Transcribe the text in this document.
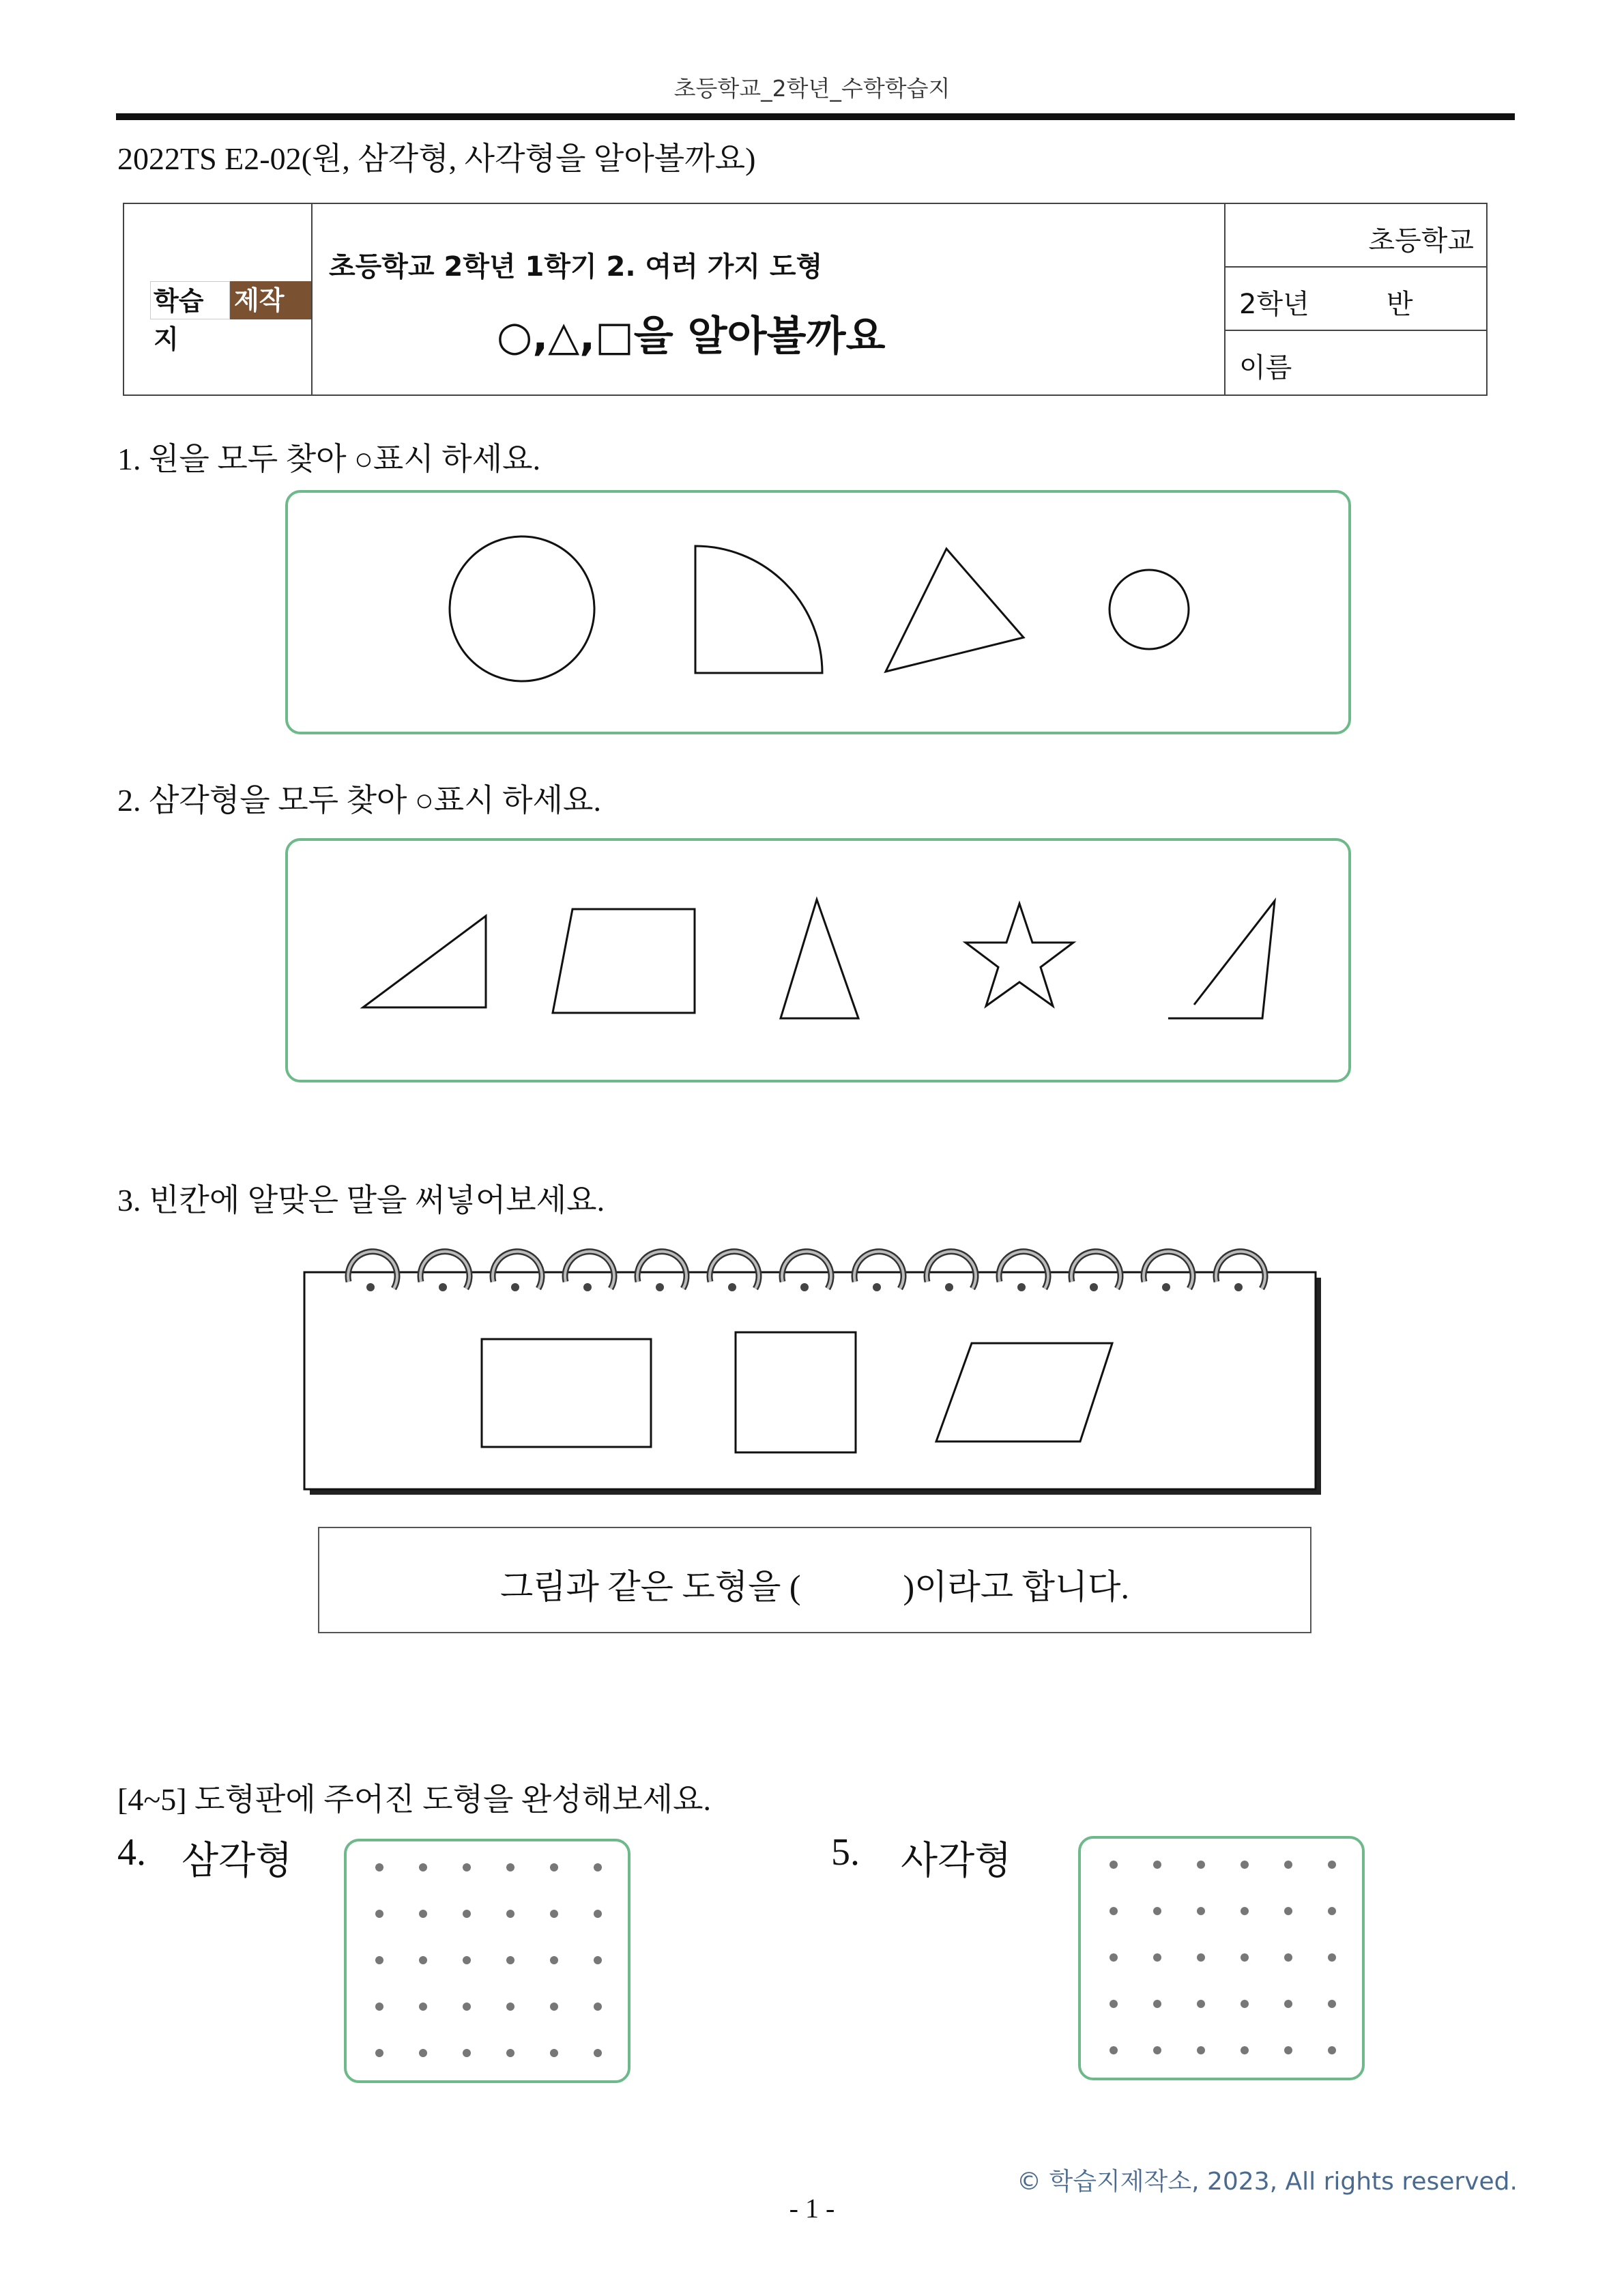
초등학교_2학년_수학학습지
2022TS E2-02(원, 삼각형, 사각형을 알아볼까요)
학습지
제작소
초등학교 2학년 1학기 2. 여러 가지 도형
○,△,□을 알아볼까요
초등학교
2학년	반
이름
1. 원을 모두 찾아 ○표시 하세요.
2. 삼각형을 모두 찾아 ○표시 하세요.
3. 빈칸에 알맞은 말을 써넣어보세요.
그림과 같은 도형을 (            )이라고 합니다.
[4~5] 도형판에 주어진 도형을 완성해보세요.
4. 삼각형	5. 사각형
© 학습지제작소, 2023, All rights reserved.
- 1 -
